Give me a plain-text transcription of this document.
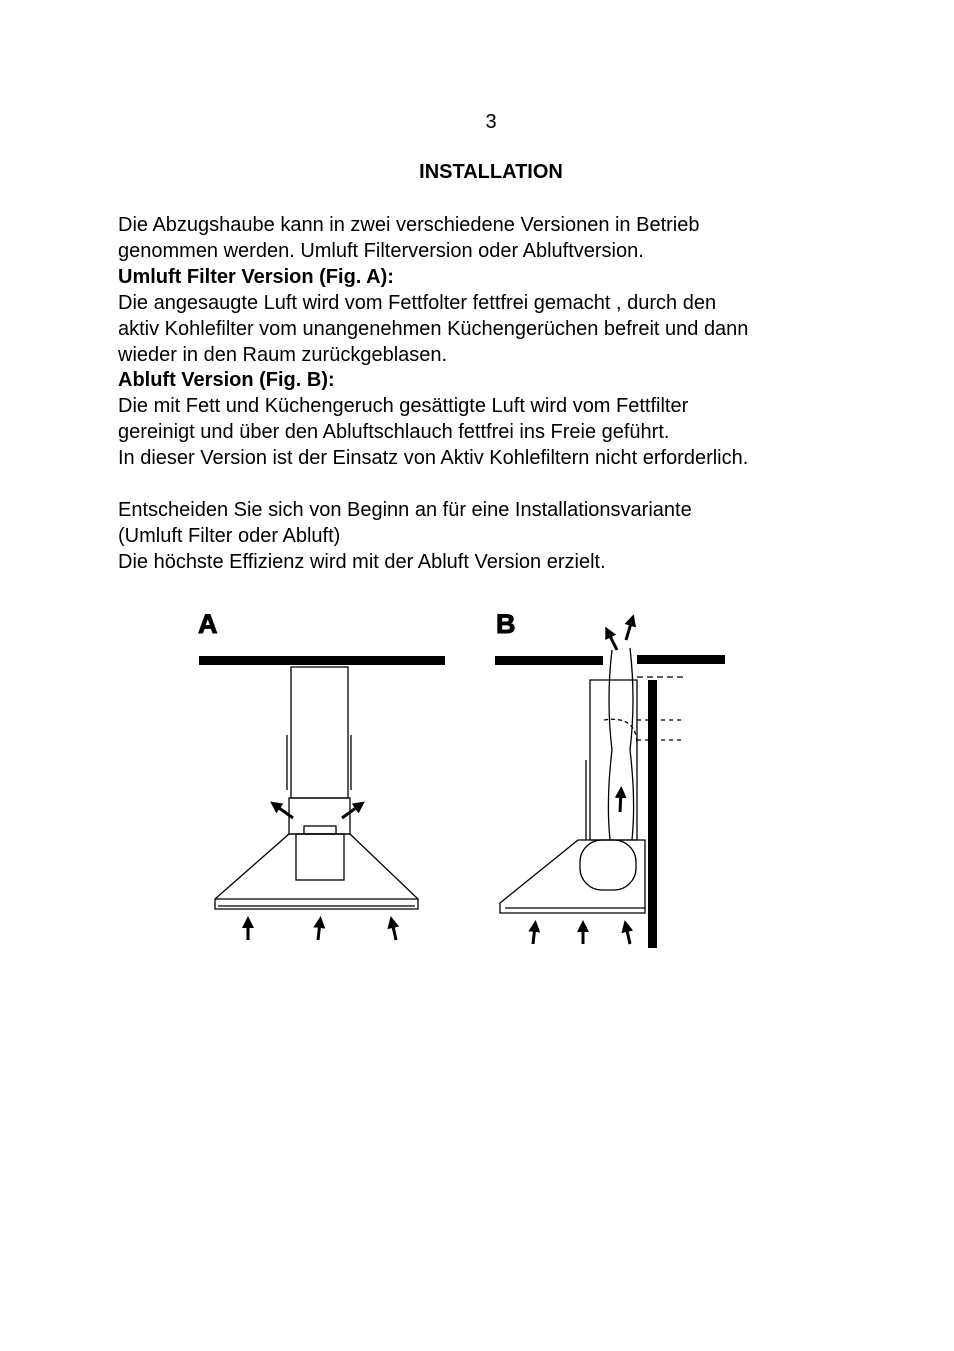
3
INSTALLATION

Die Abzugshaube kann in zwei verschiedene Versionen in Betrieb

genommen werden. Umluft Filterversion oder Abluftversion.

Umluft Filter Version (Fig. A):

Die angesaugte Luft wird vom Fettfolter fettfrei gemacht , durch den

aktiv Kohlefilter vom unangenehmen Küchengerüchen befreit und dann

wieder in den Raum zurückgeblasen.

Abluft Version (Fig. B):

Die mit Fett und Küchengeruch gesättigte Luft wird vom Fettfilter

gereinigt und über den Abluftschlauch fettfrei ins Freie geführt.

In dieser Version ist der Einsatz von Aktiv Kohlefiltern nicht erforderlich.

Entscheiden Sie sich von Beginn an für eine Installationsvariante

(Umluft Filter oder Abluft)

Die höchste Effizienz wird mit der Abluft Version erzielt.

A	B
